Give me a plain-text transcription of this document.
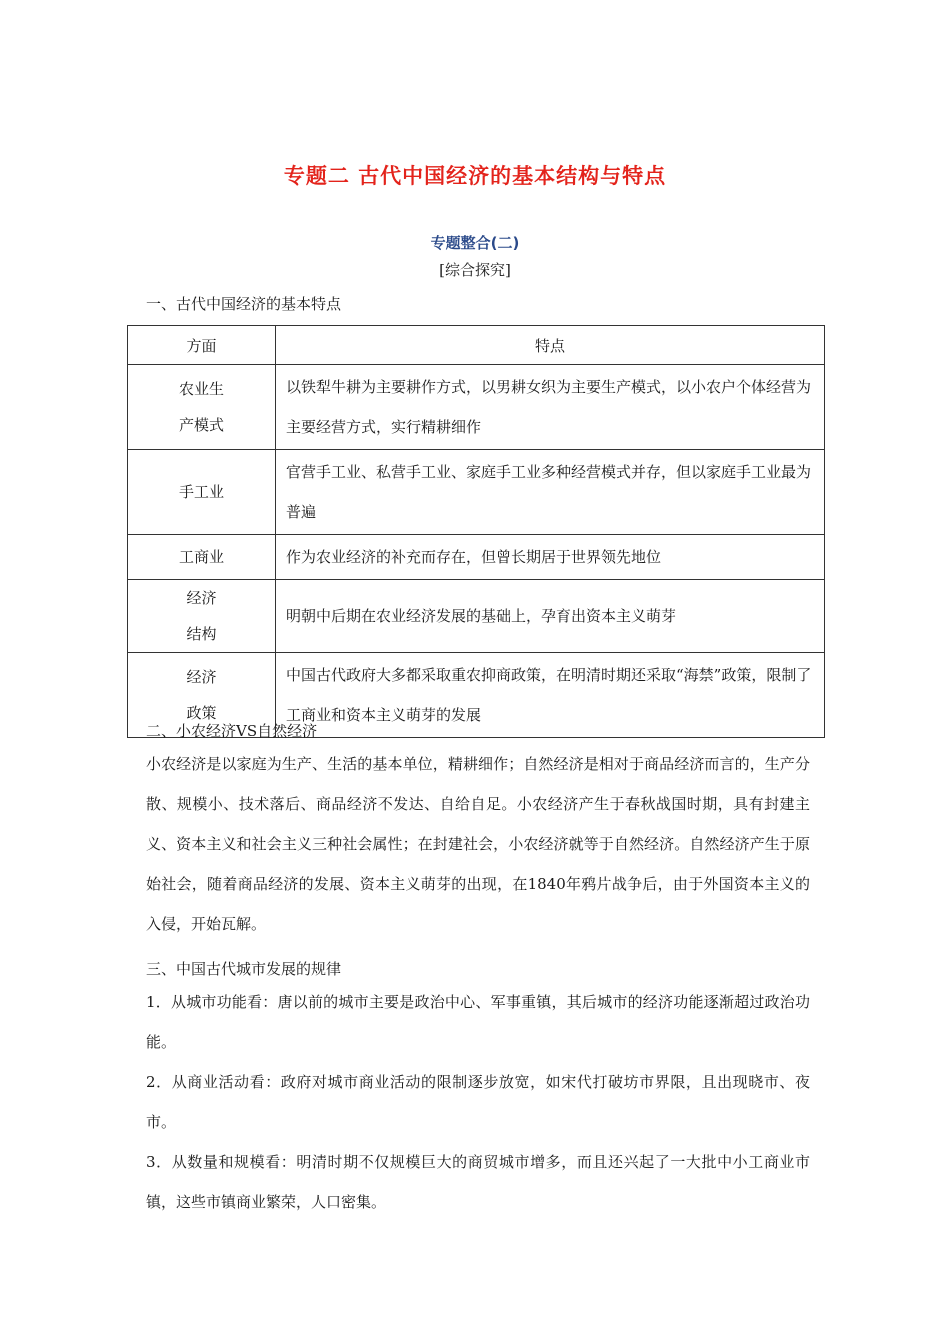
专题二 古代中国经济的基本结构与特点
专题整合(二)
[综合探究]
一、古代中国经济的基本特点
方面	特点

农业生
产模式	以铁犁牛耕为主要耕作方式，以男耕女织为主要生产模式，以小农户个体经营为主要经营方式，实行精耕细作

手工业	官营手工业、私营手工业、家庭手工业多种经营模式并存，但以家庭手工业最为普遍

工商业	作为农业经济的补充而存在，但曾长期居于世界领先地位

经济
结构	明朝中后期在农业经济发展的基础上，孕育出资本主义萌芽

经济
政策	中国古代政府大多都采取重农抑商政策，在明清时期还采取“海禁”政策，限制了工商业和资本主义萌芽的发展
二、小农经济VS自然经济
小农经济是以家庭为生产、生活的基本单位，精耕细作；自然经济是相对于商品经济而言的，生产分散、规模小、技术落后、商品经济不发达、自给自足。小农经济产生于春秋战国时期，具有封建主义、资本主义和社会主义三种社会属性；在封建社会，小农经济就等于自然经济。自然经济产生于原始社会，随着商品经济的发展、资本主义萌芽的出现，在1840年鸦片战争后，由于外国资本主义的入侵，开始瓦解。
三、中国古代城市发展的规律
1．从城市功能看：唐以前的城市主要是政治中心、军事重镇，其后城市的经济功能逐渐超过政治功能。
2．从商业活动看：政府对城市商业活动的限制逐步放宽，如宋代打破坊市界限，且出现晓市、夜市。
3．从数量和规模看：明清时期不仅规模巨大的商贸城市增多，而且还兴起了一大批中小工商业市镇，这些市镇商业繁荣，人口密集。
